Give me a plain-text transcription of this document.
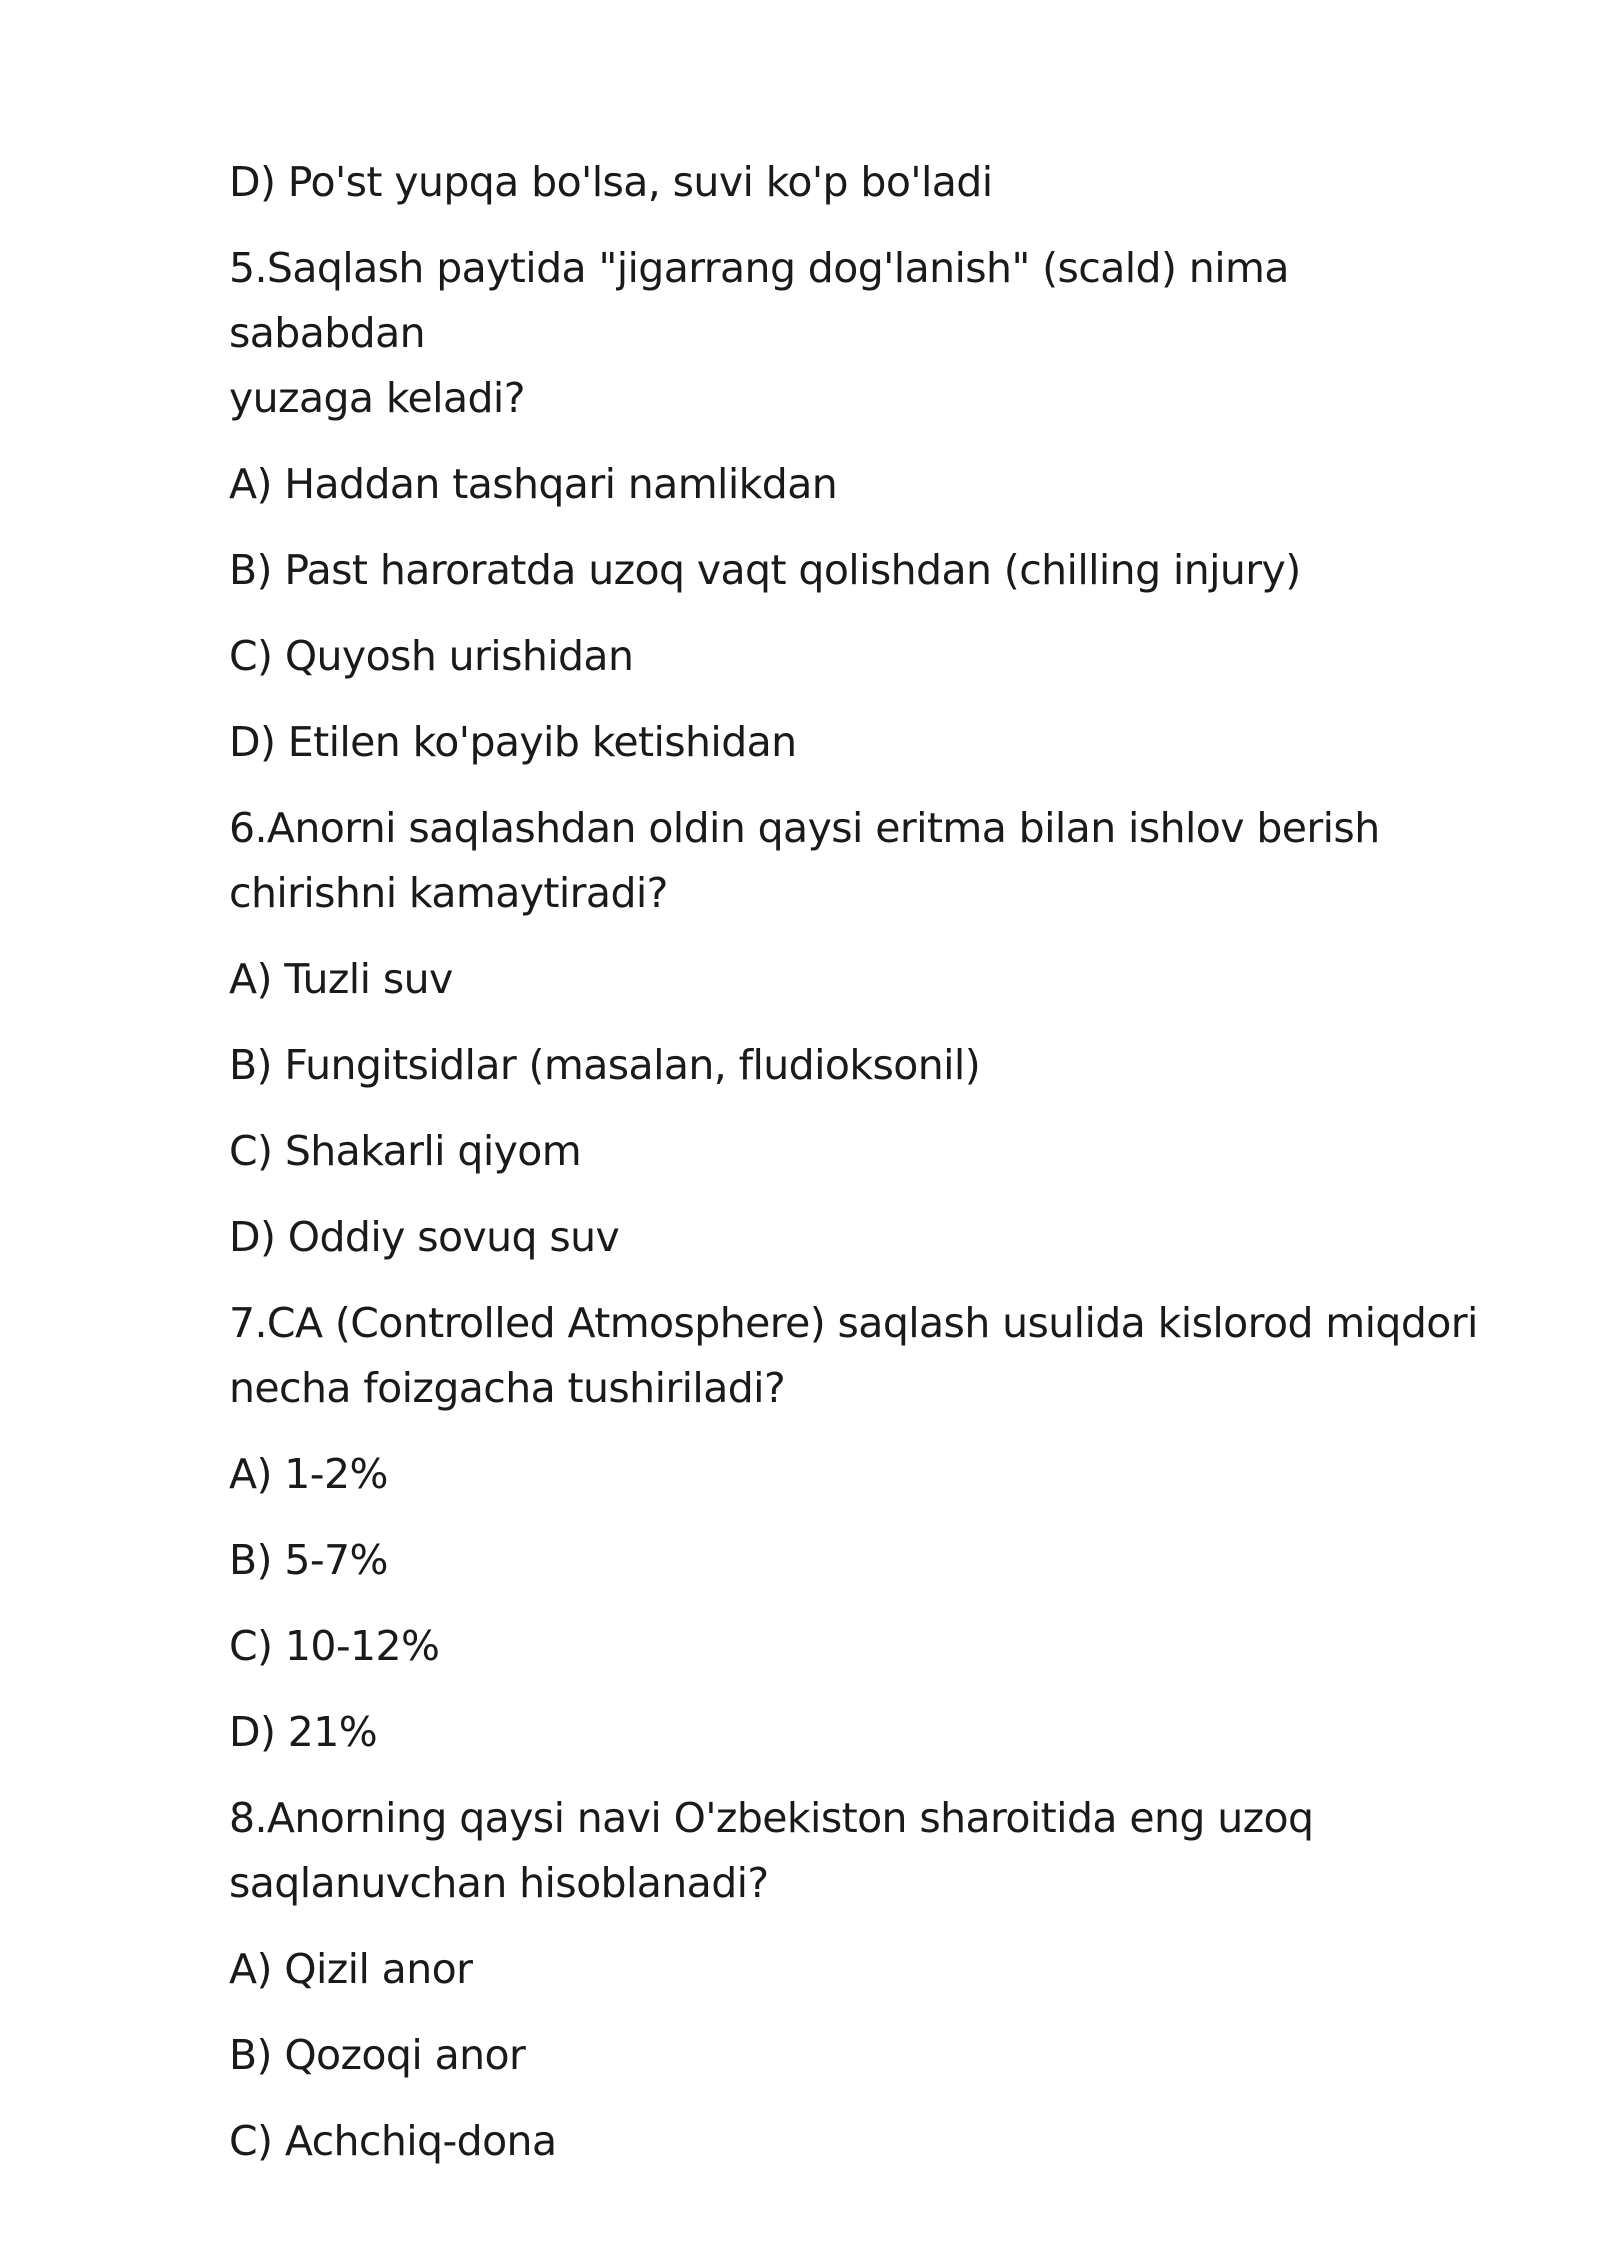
D) Po'st yupqa bo'lsa, suvi ko'p bo'ladi
5.Saqlash paytida "jigarrang dog'lanish" (scald) nima sababdan
yuzaga keladi?
A) Haddan tashqari namlikdan
B) Past haroratda uzoq vaqt qolishdan (chilling injury)
C) Quyosh urishidan
D) Etilen ko'payib ketishidan
6.Anorni saqlashdan oldin qaysi eritma bilan ishlov berish
chirishni kamaytiradi?
A) Tuzli suv
B) Fungitsidlar (masalan, fludioksonil)
C) Shakarli qiyom
D) Oddiy sovuq suv
7.CA (Controlled Atmosphere) saqlash usulida kislorod miqdori
necha foizgacha tushiriladi?
A) 1-2%
B) 5-7%
C) 10-12%
D) 21%
8.Anorning qaysi navi O'zbekiston sharoitida eng uzoq
saqlanuvchan hisoblanadi?
A) Qizil anor
B) Qozoqi anor
C) Achchiq-dona
